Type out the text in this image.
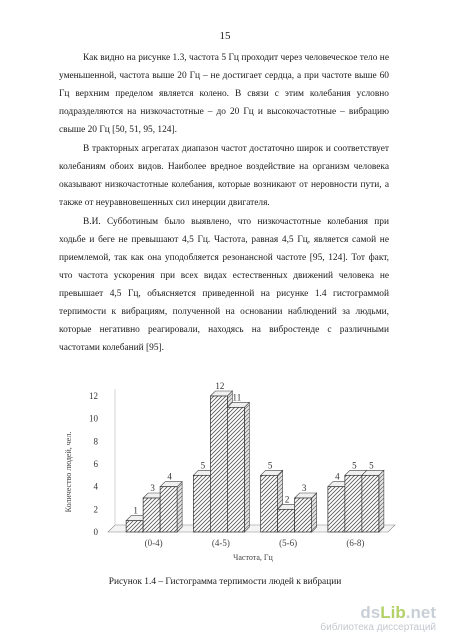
15

Как видно на рисунке 1.3, частота 5 Гц проходит через человеческое тело не уменьшенной, частота выше 20 Гц – не достигает сердца, а при частоте выше 60 Гц верхним пределом является колено. В связи с этим колебания условно подразделяются на низкочастотные – до 20 Гц и высокочастотные – вибрацию свыше 20 Гц [50, 51, 95, 124].

В тракторных агрегатах диапазон частот достаточно широк и соответствует колебаниям обоих видов. Наиболее вредное воздействие на организм человека оказывают низкочастотные колебания, которые возникают от неровности пути, а также от неуравновешенных сил инерции двигателя.

В.И. Субботиным было выявлено, что низкочастотные колебания при ходьбе и беге не превышают 4,5 Гц. Частота, равная 4,5 Гц, является самой не приемлемой, так как она уподобляется резонансной частоте [95, 124]. Тот факт, что частота ускорения при всех видах естественных движений человека не превышает 4,5 Гц, объясняется приведенной на рисунке 1.4 гистограммой терпимости к вибрациям, полученной на основании наблюдений за людьми, которые негативно реагировали, находясь на вибростенде с различными частотами колебаний [95].

0
2
4
6
8
10
12
1
3
4
(0-4)
5
12
11
(4-5)
5
2
3
(5-6)
4
5 5
(6-8)
Количество людей, чел.
Частота, Гц
Рисунок 1.4 – Гистограмма терпимости людей к вибрации
dsLib.net
библиотека диссертаций
